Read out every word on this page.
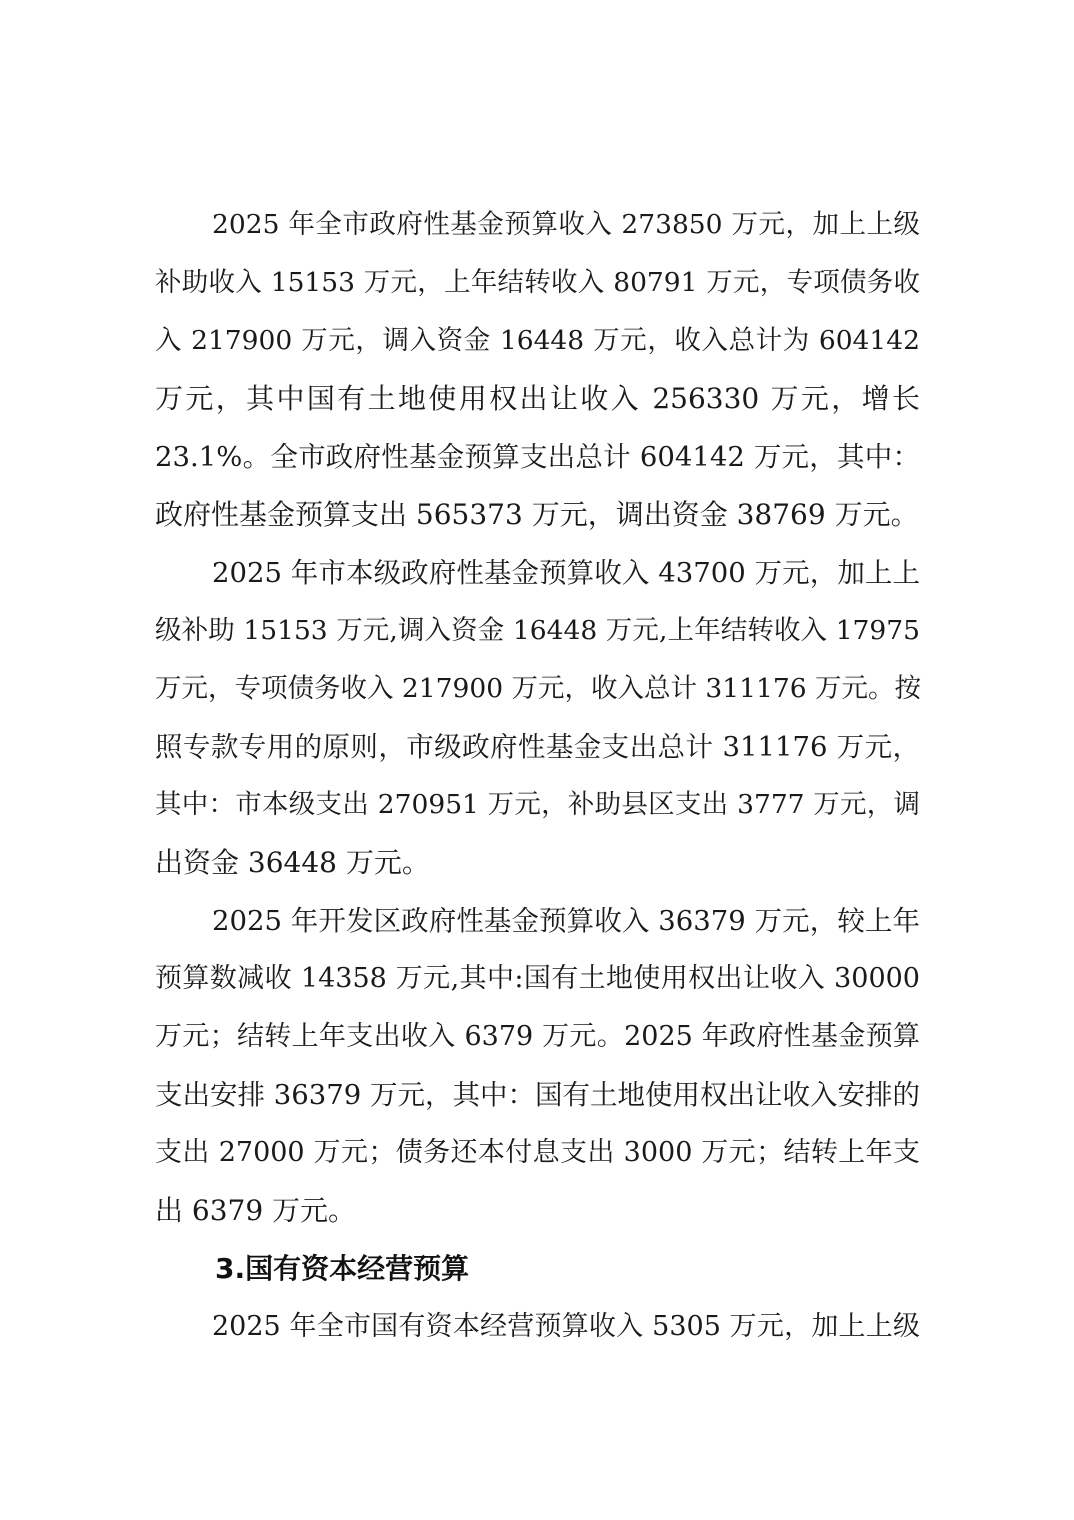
2025 年全市政府性基金预算收入 273850 万元，加上上级
补助收入 15153 万元，上年结转收入 80791 万元，专项债务收
入 217900 万元，调入资金 16448 万元，收入总计为 604142
万元，其中国有土地使用权出让收入 256330 万元，增长
23.1%。全市政府性基金预算支出总计 604142 万元，其中：
政府性基金预算支出 565373 万元，调出资金 38769 万元。
2025 年市本级政府性基金预算收入 43700 万元，加上上
级补助 15153 万元,调入资金 16448 万元,上年结转收入 17975
万元，专项债务收入 217900 万元，收入总计 311176 万元。按
照专款专用的原则，市级政府性基金支出总计 311176 万元，
其中：市本级支出 270951 万元，补助县区支出 3777 万元，调
出资金 36448 万元。
2025 年开发区政府性基金预算收入 36379 万元，较上年
预算数减收 14358 万元,其中:国有土地使用权出让收入 30000
万元；结转上年支出收入 6379 万元。2025 年政府性基金预算
支出安排 36379 万元，其中：国有土地使用权出让收入安排的
支出 27000 万元；债务还本付息支出 3000 万元；结转上年支
出 6379 万元。
3.国有资本经营预算
2025 年全市国有资本经营预算收入 5305 万元，加上上级
